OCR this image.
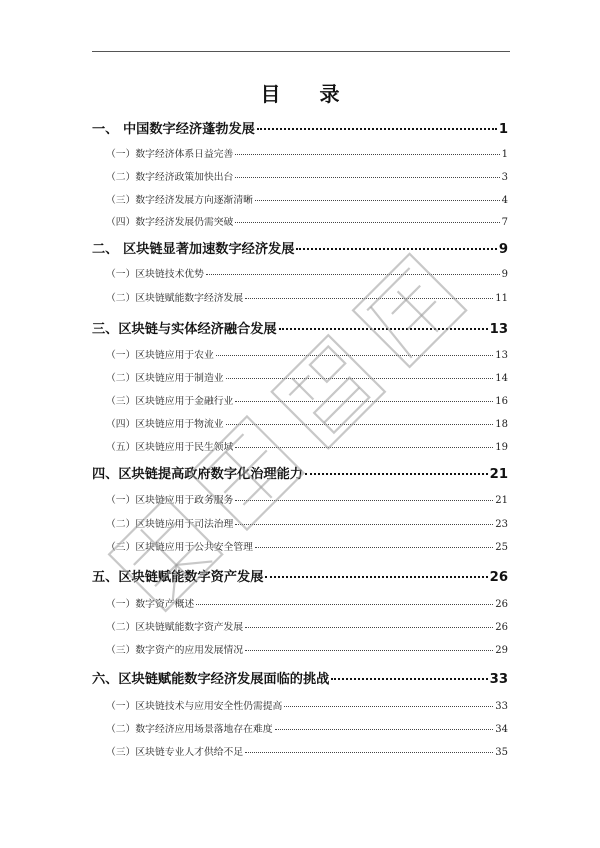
目 录
一、 中国数字经济蓬勃发展	1
（一）数字经济体系日益完善	1
（二）数字经济政策加快出台	3
（三）数字经济发展方向逐渐清晰	4
（四）数字经济发展仍需突破	7
二、 区块链显著加速数字经济发展	9
（一）区块链技术优势	9
（二）区块链赋能数字经济发展	11
三、区块链与实体经济融合发展	13
（一）区块链应用于农业	13
（二）区块链应用于制造业	14
（三）区块链应用于金融行业	16
（四）区块链应用于物流业	18
（五）区块链应用于民生领域	19
四、区块链提高政府数字化治理能力	21
（一）区块链应用于政务服务	21
（二）区块链应用于司法治理	23
（三）区块链应用于公共安全管理	25
五、区块链赋能数字资产发展	26
（一）数字资产概述	26
（二）区块链赋能数字资产发展	26
（三）数字资产的应用发展情况	29
六、区块链赋能数字经济发展面临的挑战	33
（一）区块链技术与应用安全性仍需提高	33
（二）数字经济应用场景落地存在难度	34
（三）区块链专业人才供给不足	35
